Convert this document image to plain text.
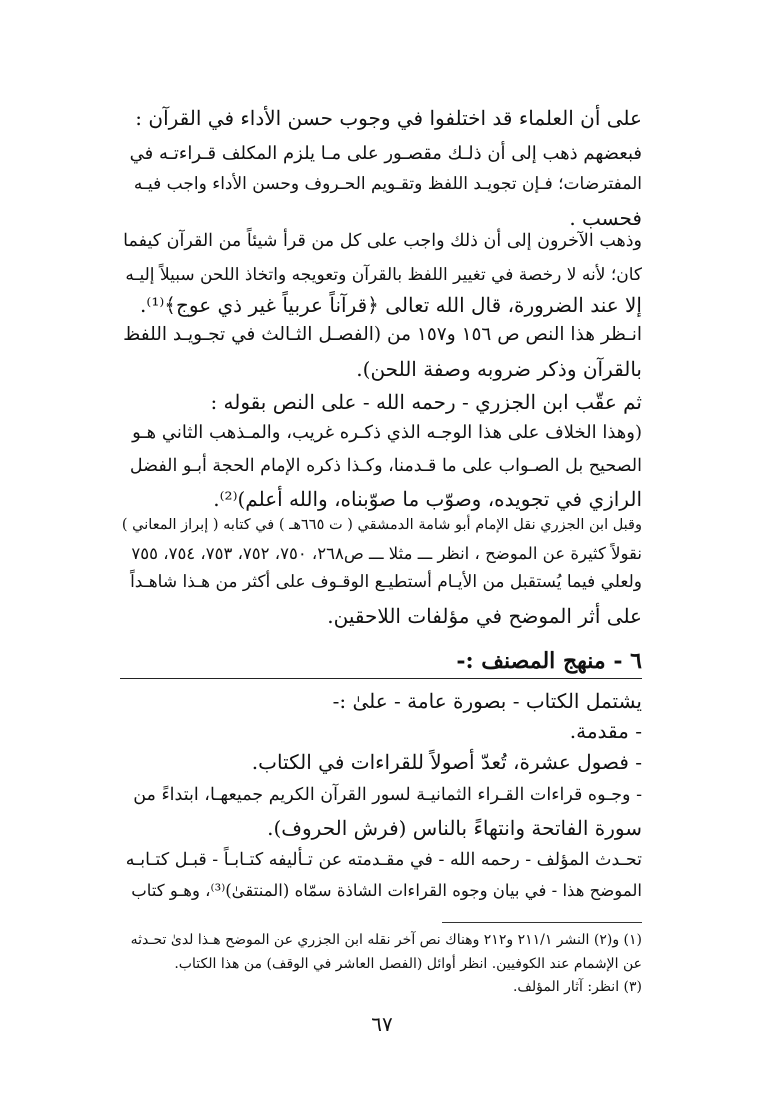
على أن العلماء قد اختلفوا في وجوب حسن الأداء في القرآن :
فبعضهم ذهب إلى أن ذلـك مقصـور على مـا يلزم المكلف قـراءتـه في
المفترضات؛ فـإن تجويـد اللفظ وتقـويم الحـروف وحسن الأداء واجب فيـه
فحسب .
وذهب الآخرون إلى أن ذلك واجب على كل من قرأ شيئاً من القرآن كيفما
كان؛ لأنه لا رخصة في تغيير اللفظ بالقرآن وتعويجه واتخاذ اللحن سبيلاً إليـه
إلا عند الضرورة، قال الله تعالى ﴿قرآناً عربياً غير ذي عوج﴾⁽¹⁾.
انـظر هذا النص ص ١٥٦ و١٥٧ من (الفصـل الثـالث في تجـويـد اللفظ
بالقرآن وذكر ضروبه وصفة اللحن).
ثم عقّب ابن الجزري - رحمه الله - على النص بقوله :
(وهذا الخلاف على هذا الوجـه الذي ذكـره غريب، والمـذهب الثاني هـو
الصحيح بل الصـواب على ما قـدمنا، وكـذا ذكره الإمام الحجة أبـو الفضل
الرازي في تجويده، وصوّب ما صوّبناه، والله أعلم)⁽²⁾.
وقبل ابن الجزري نقل الإمام أبو شامة الدمشقي ( ت ٦٦٥هـ ) في كتابه ( إبراز المعاني )
نقولاً كثيرة عن الموضح ، انظر ـــ مثلا ـــ ص٢٦٨، ٧٥٠، ٧٥٢، ٧٥٣، ٧٥٤، ٧٥٥
ولعلي فيما يُستقبل من الأيـام أستطيـع الوقـوف على أكثر من هـذا شاهـداً
على أثر الموضح في مؤلفات اللاحقين.
٦ - منهج المصنف :-
يشتمل الكتاب - بصورة عامة - علىٰ :-
- مقدمة.
- فصول عشرة، تُعدّ أصولاً للقراءات في الكتاب.
- وجـوه قراءات القـراء الثمانيـة لسور القرآن الكريم جميعهـا، ابتداءً من
سورة الفاتحة وانتهاءً بالناس (فرش الحروف).
تحـدث المؤلف - رحمه الله - في مقـدمته عن تـأليفه كتـابـاً - قبـل كتـابـه
الموضح هذا - في بيان وجوه القراءات الشاذة سمّاه (المنتقىٰ)⁽³⁾، وهـو كتاب
(١) و(٢) النشر ٢١١/١ و٢١٢ وهناك نص آخر نقله ابن الجزري عن الموضح هـذا لدىٰ تحـدثه
عن الإشمام عند الكوفيين. انظر أوائل (الفصل العاشر في الوقف) من هذا الكتاب.
(٣) انظر: آثار المؤلف.
٦٧
